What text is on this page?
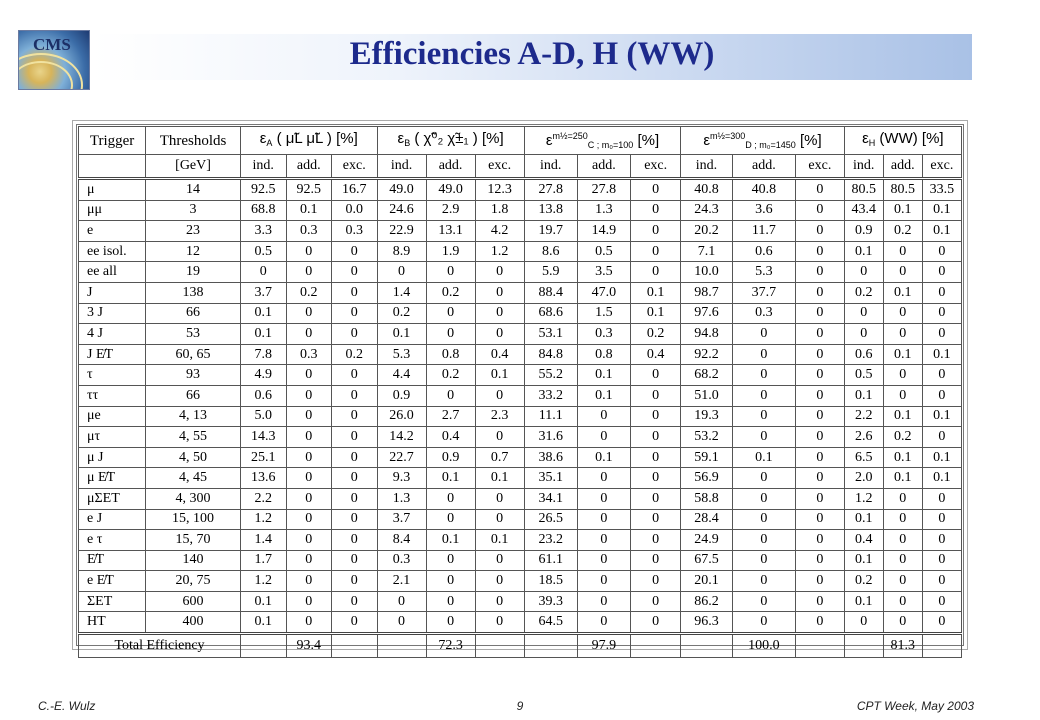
CMS	Efficiencies A-D, H (WW)
Trigger	Thresholds	$\varepsilon_A$ ( μ̃L μ̃L ) [%]			$\varepsilon_B$ ( χ̃⁰₂ χ̃±₁ ) [%]			$\varepsilon^{m\frac{1}{2}=250}_{C ; m_0=100}$ [%]			$\varepsilon^{m\frac{1}{2}=300}_{D ; m_0=1450}$ [%]			$\varepsilon_H$ (WW) [%]		
	[GeV]	ind.	add.	exc.	ind.	add.	exc.	ind.	add.	exc.	ind.	add.	exc.	ind.	add.	exc.
μ	14	92.5	92.5	16.7	49.0	49.0	12.3	27.8	27.8	0	40.8	40.8	0	80.5	80.5	33.5
μμ	3	68.8	0.1	0.0	24.6	2.9	1.8	13.8	1.3	0	24.3	3.6	0	43.4	0.1	0.1
e	23	3.3	0.3	0.3	22.9	13.1	4.2	19.7	14.9	0	20.2	11.7	0	0.9	0.2	0.1
ee isol.	12	0.5	0	0	8.9	1.9	1.2	8.6	0.5	0	7.1	0.6	0	0.1	0	0
ee all	19	0	0	0	0	0	0	5.9	3.5	0	10.0	5.3	0	0	0	0
J	138	3.7	0.2	0	1.4	0.2	0	88.4	47.0	0.1	98.7	37.7	0	0.2	0.1	0
3 J	66	0.1	0	0	0.2	0	0	68.6	1.5	0.1	97.6	0.3	0	0	0	0
4 J	53	0.1	0	0	0.1	0	0	53.1	0.3	0.2	94.8	0	0	0	0	0
J E̸T	60, 65	7.8	0.3	0.2	5.3	0.8	0.4	84.8	0.8	0.4	92.2	0	0	0.6	0.1	0.1
τ	93	4.9	0	0	4.4	0.2	0.1	55.2	0.1	0	68.2	0	0	0.5	0	0
ττ	66	0.6	0	0	0.9	0	0	33.2	0.1	0	51.0	0	0	0.1	0	0
μe	4, 13	5.0	0	0	26.0	2.7	2.3	11.1	0	0	19.3	0	0	2.2	0.1	0.1
μτ	4, 55	14.3	0	0	14.2	0.4	0	31.6	0	0	53.2	0	0	2.6	0.2	0
μ J	4, 50	25.1	0	0	22.7	0.9	0.7	38.6	0.1	0	59.1	0.1	0	6.5	0.1	0.1
μ E̸T	4, 45	13.6	0	0	9.3	0.1	0.1	35.1	0	0	56.9	0	0	2.0	0.1	0.1
μΣET	4, 300	2.2	0	0	1.3	0	0	34.1	0	0	58.8	0	0	1.2	0	0
e J	15, 100	1.2	0	0	3.7	0	0	26.5	0	0	28.4	0	0	0.1	0	0
e τ	15, 70	1.4	0	0	8.4	0.1	0.1	23.2	0	0	24.9	0	0	0.4	0	0
E̸T	140	1.7	0	0	0.3	0	0	61.1	0	0	67.5	0	0	0.1	0	0
e E̸T	20, 75	1.2	0	0	2.1	0	0	18.5	0	0	20.1	0	0	0.2	0	0
ΣET	600	0.1	0	0	0	0	0	39.3	0	0	86.2	0	0	0.1	0	0
HT	400	0.1	0	0	0	0	0	64.5	0	0	96.3	0	0	0	0	0
Total Efficiency			93.4			72.3			97.9			100.0			81.3	
C.-E. Wulz	9	CPT Week, May 2003
